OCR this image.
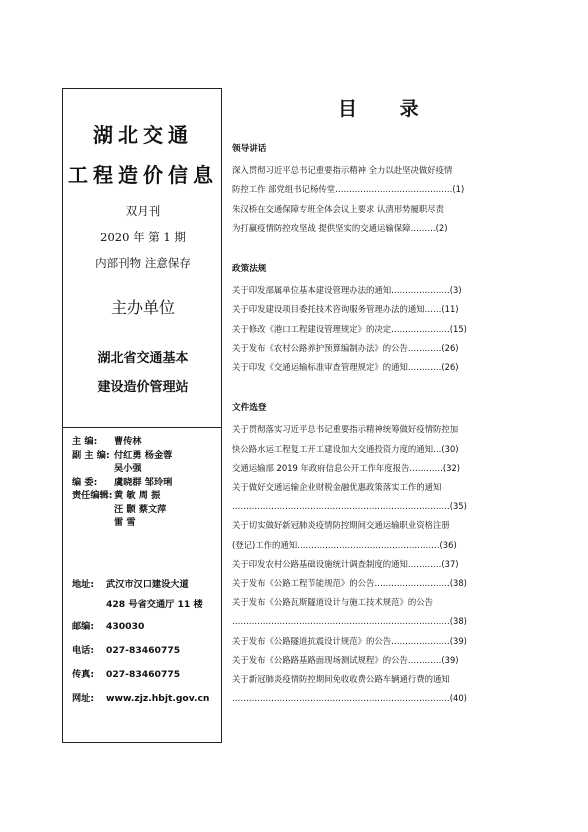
湖北交通
工程造价信息
双月刊
2020 年 第 1 期
内部刊物 注意保存
主办单位
湖北省交通基本
建设造价管理站
主 编:	曹传林
副 主 编: 付红勇 杨金蓉
吴小强
编 委:	虞晓群 邹玲琍
责任编辑: 黄 敏 周 振
汪 颢 蔡文萍
雷 雪
地址:	武汉市汉口建设大道
428 号省交通厅 11 楼
邮编:	430030
电话:	027-83460775
传真:	027-83460775
网址:	www.zjz.hbjt.gov.cn
目 录
领导讲话
深入贯彻习近平总书记重要指示精神 全力以赴坚决做好疫情
防控工作 部党组书记杨传堂……………………………………(1)
朱汉桥在交通保障专班全体会议上要求 认清形势履职尽责
为打赢疫情防控攻坚战 提供坚实的交通运输保障………(2)
政策法规
关于印发部属单位基本建设管理办法的通知…………………(3)
关于印发建设项目委托技术咨询服务管理办法的通知……(11)
关于修改《港口工程建设管理规定》的决定…………………(15)
关于发布《农村公路养护预算编制办法》的公告…………(26)
关于印发《交通运输标准审查管理规定》的通知…………(26)
文件选登
关于贯彻落实习近平总书记重要指示精神统筹做好疫情防控加
快公路水运工程复工开工建设加大交通投资力度的通知…(30)
交通运输部 2019 年政府信息公开工作年度报告…………(32)
关于做好交通运输企业财税金融优惠政策落实工作的通知
……………………………………………………………………(35)
关于切实做好新冠肺炎疫情防控期间交通运输职业资格注册
(登记)工作的通知……………………………………………(36)
关于印发农村公路基础设施统计调查制度的通知…………(37)
关于发布《公路工程节能规范》的公告………………………(38)
关于发布《公路瓦斯隧道设计与施工技术规范》的公告
……………………………………………………………………(38)
关于发布《公路隧道抗震设计规范》的公告…………………(39)
关于发布《公路路基路面现场测试规程》的公告…………(39)
关于新冠肺炎疫情防控期间免收收费公路车辆通行费的通知
……………………………………………………………………(40)
